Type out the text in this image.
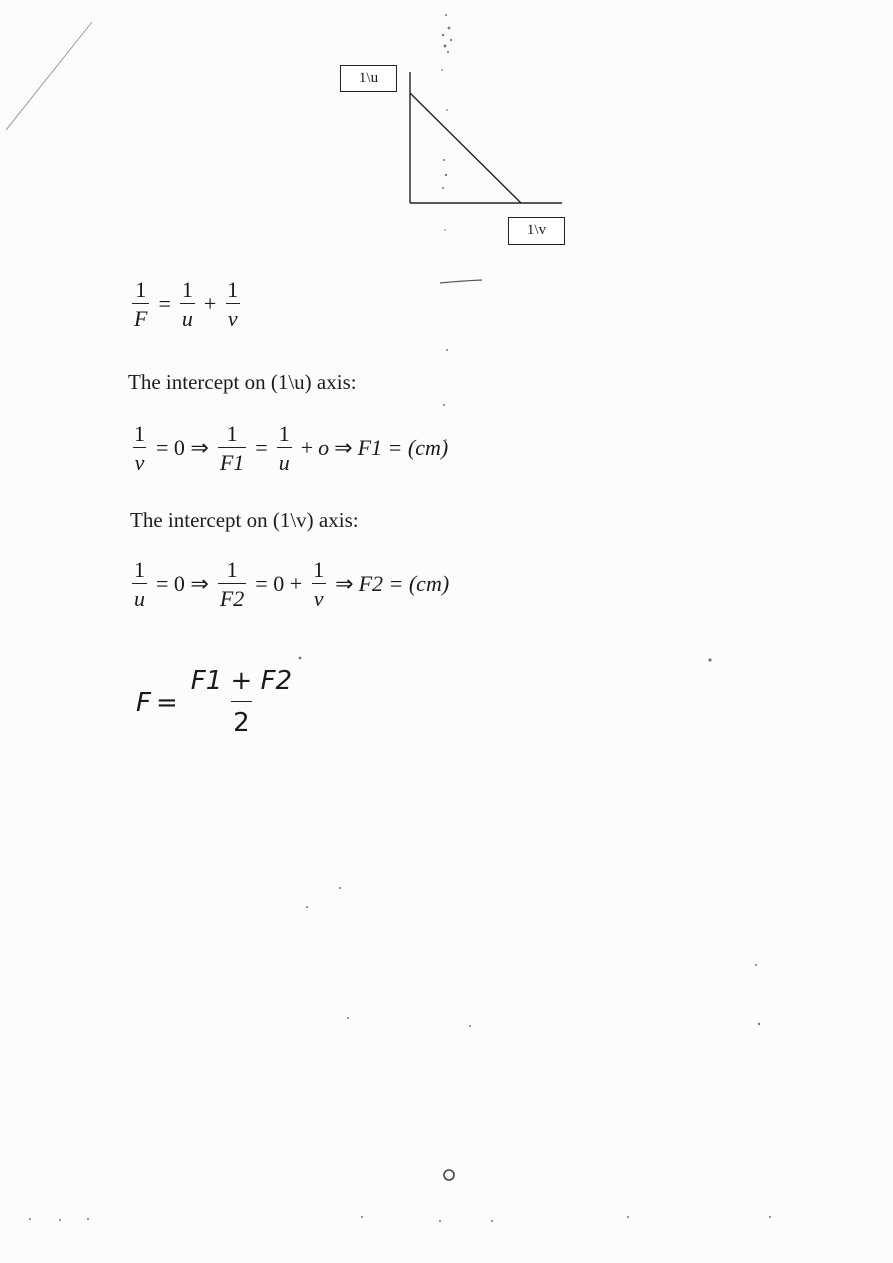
1\u
1\v
$\frac{1}{F} = \frac{1}{u} + \frac{1}{v}$
The intercept on (1\u) axis:
$\frac{1}{v} = 0$ ⇒ $\frac{1}{F1} = \frac{1}{u} + o$ ⇒ F1 = (cm)
The intercept on (1\v) axis:
$\frac{1}{u} = 0$ ⇒ $\frac{1}{F2} = 0 + \frac{1}{v}$ ⇒ F2 = (cm)
$F = \frac{F1 + F2}{2}$
